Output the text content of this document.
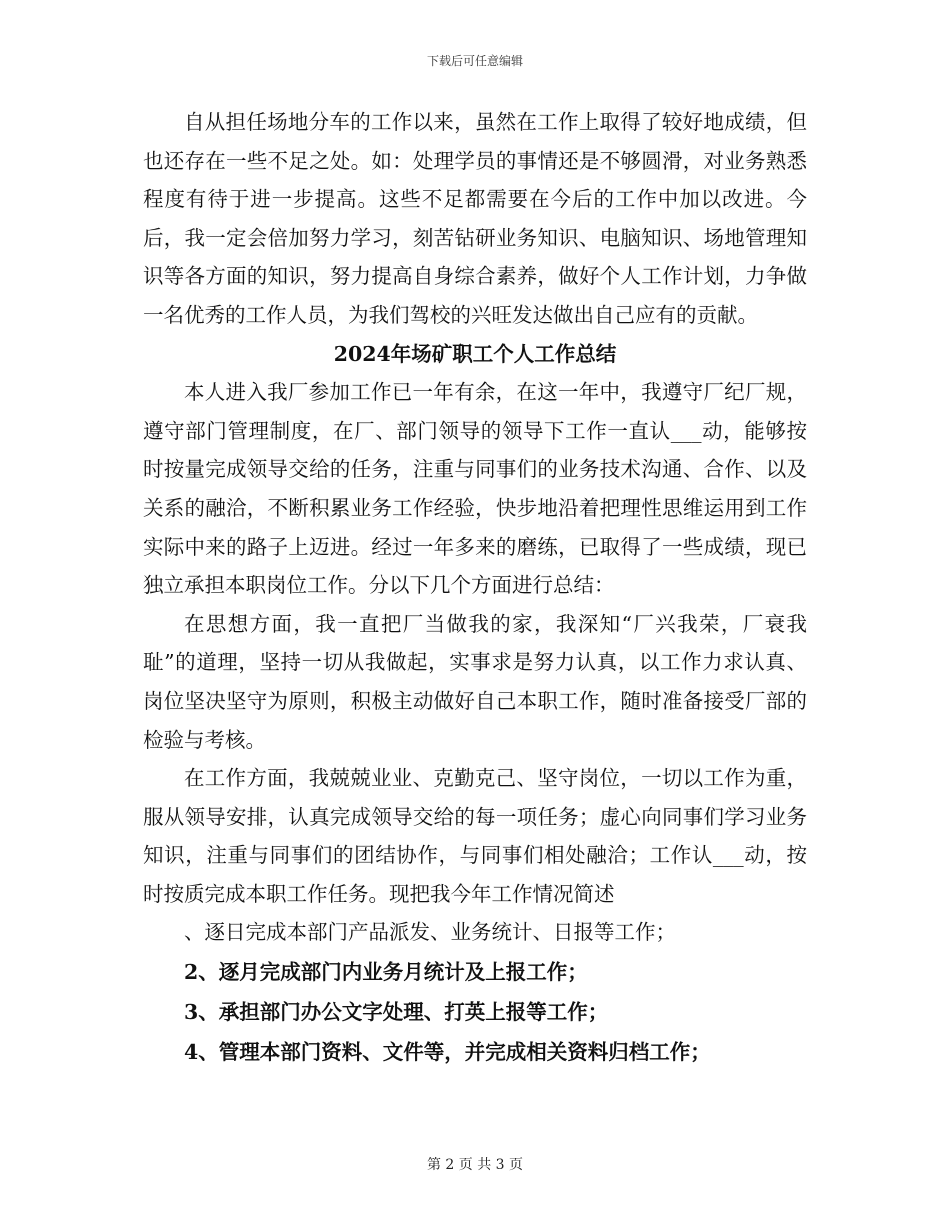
下载后可任意编辑

自从担任场地分车的工作以来，虽然在工作上取得了较好地成绩，但也还存在一些不足之处。如：处理学员的事情还是不够圆滑，对业务熟悉程度有待于进一步提高。这些不足都需要在今后的工作中加以改进。今后，我一定会倍加努力学习，刻苦钻研业务知识、电脑知识、场地管理知识等各方面的知识，努力提高自身综合素养，做好个人工作计划，力争做一名优秀的工作人员，为我们驾校的兴旺发达做出自己应有的贡献。

2024年场矿职工个人工作总结

本人进入我厂参加工作已一年有余，在这一年中，我遵守厂纪厂规，遵守部门管理制度，在厂、部门领导的领导下工作一直认___动，能够按时按量完成领导交给的任务，注重与同事们的业务技术沟通、合作、以及关系的融洽，不断积累业务工作经验，快步地沿着把理性思维运用到工作实际中来的路子上迈进。经过一年多来的磨练，已取得了一些成绩，现已独立承担本职岗位工作。分以下几个方面进行总结：

在思想方面，我一直把厂当做我的家，我深知“厂兴我荣，厂衰我耻”的道理，坚持一切从我做起，实事求是努力认真，以工作力求认真、岗位坚决坚守为原则，积极主动做好自己本职工作，随时准备接受厂部的检验与考核。

在工作方面，我兢兢业业、克勤克己、坚守岗位，一切以工作为重，服从领导安排，认真完成领导交给的每一项任务；虚心向同事们学习业务知识，注重与同事们的团结协作，与同事们相处融洽；工作认___动，按时按质完成本职工作任务。现把我今年工作情况简述

、逐日完成本部门产品派发、业务统计、日报等工作；

2、逐月完成部门内业务月统计及上报工作；

3、承担部门办公文字处理、打英上报等工作；

4、管理本部门资料、文件等，并完成相关资料归档工作；

第 2 页 共 3 页
